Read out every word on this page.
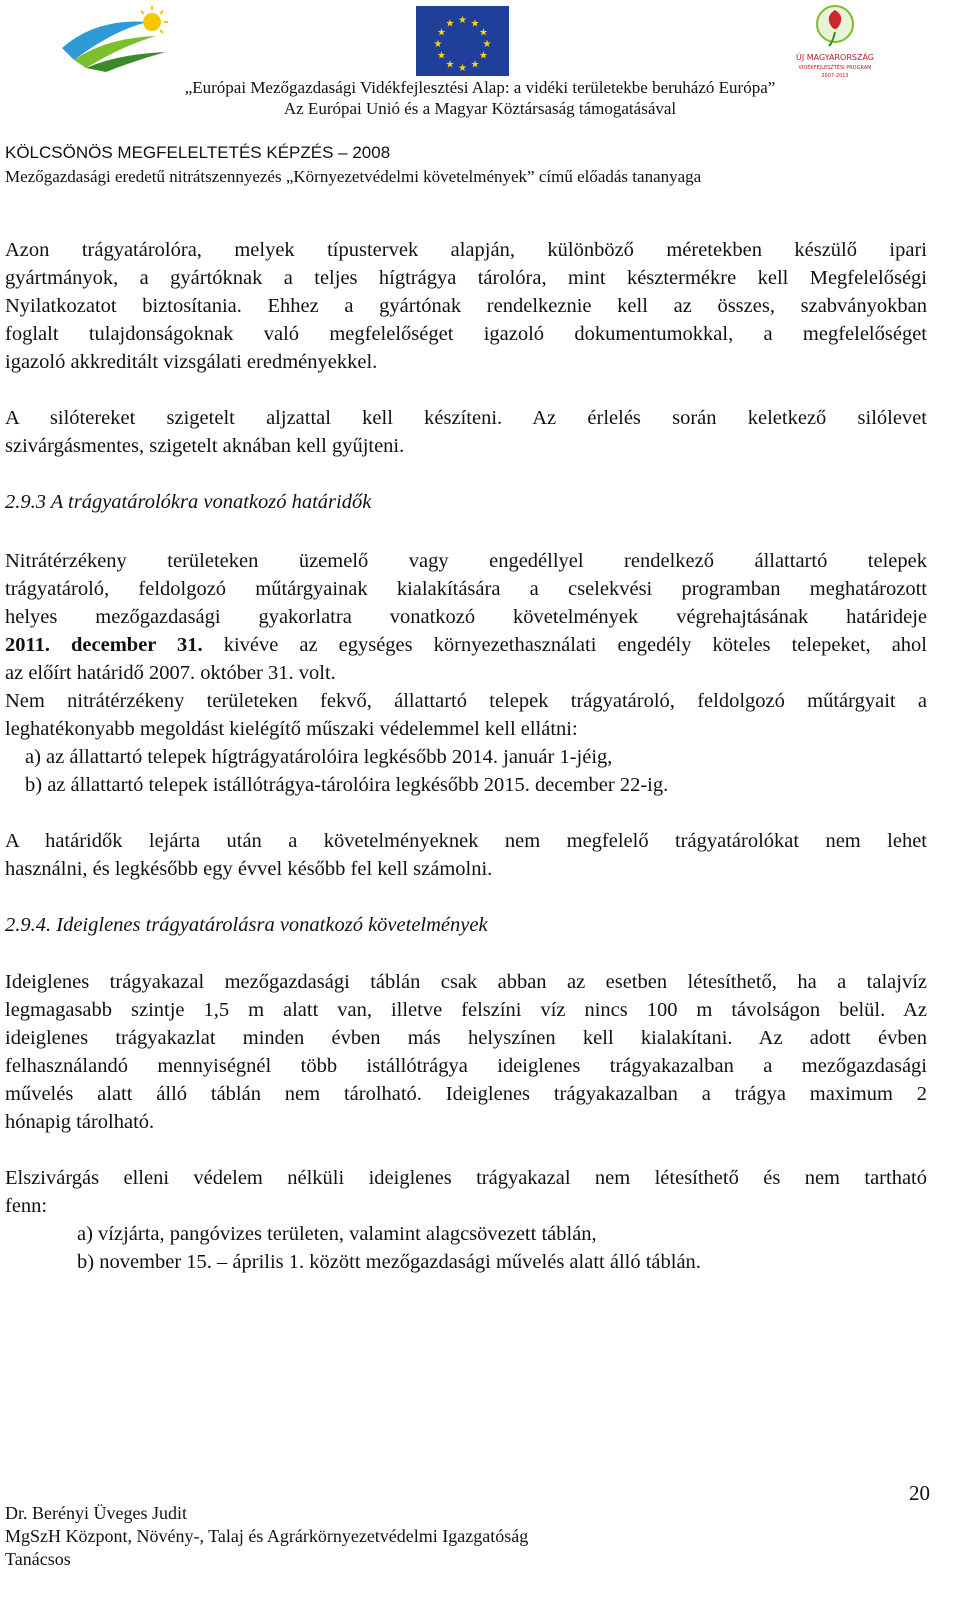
★ ★
★
★
★
★
★
★
★
★
★
★
ÚJ MAGYARORSZÁG
VIDÉKFEJLESZTÉSI PROGRAM
2007-2013
„Európai Mezőgazdasági Vidékfejlesztési Alap: a vidéki területekbe beruházó Európa”
Az Európai Unió és a Magyar Köztársaság támogatásával
KÖLCSÖNÖS MEGFELELTETÉS KÉPZÉS – 2008
Mezőgazdasági eredetű nitrátszennyezés „Környezetvédelmi követelmények” című előadás tananyaga
Azon trágyatárolóra, melyek típustervek alapján, különböző méretekben készülő ipari
gyártmányok, a gyártóknak a teljes hígtrágya tárolóra, mint késztermékre kell Megfelelőségi
Nyilatkozatot biztosítania. Ehhez a gyártónak rendelkeznie kell az összes, szabványokban
foglalt tulajdonságoknak való megfelelőséget igazoló dokumentumokkal, a megfelelőséget
igazoló akkreditált vizsgálati eredményekkel.
A silótereket szigetelt aljzattal kell készíteni. Az érlelés során keletkező silólevet
szivárgásmentes, szigetelt aknában kell gyűjteni.
2.9.3 A trágyatárolókra vonatkozó határidők
Nitrátérzékeny területeken üzemelő vagy engedéllyel rendelkező állattartó telepek
trágyatároló, feldolgozó műtárgyainak kialakítására a cselekvési programban meghatározott
helyes mezőgazdasági gyakorlatra vonatkozó követelmények végrehajtásának határideje
2011. december 31. kivéve az egységes környezethasználati engedély köteles telepeket, ahol
az előírt határidő 2007. október 31. volt.
Nem nitrátérzékeny területeken fekvő, állattartó telepek trágyatároló, feldolgozó műtárgyait a
leghatékonyabb megoldást kielégítő műszaki védelemmel kell ellátni:
a) az állattartó telepek hígtrágyatárolóira legkésőbb 2014. január 1-jéig,
b) az állattartó telepek istállótrágya-tárolóira legkésőbb 2015. december 22-ig.
A határidők lejárta után a követelményeknek nem megfelelő trágyatárolókat nem lehet
használni, és legkésőbb egy évvel később fel kell számolni.
2.9.4. Ideiglenes trágyatárolásra vonatkozó követelmények
Ideiglenes trágyakazal mezőgazdasági táblán csak abban az esetben létesíthető, ha a talajvíz
legmagasabb szintje 1,5 m alatt van, illetve felszíni víz nincs 100 m távolságon belül. Az
ideiglenes trágyakazlat minden évben más helyszínen kell kialakítani. Az adott évben
felhasználandó mennyiségnél több istállótrágya ideiglenes trágyakazalban a mezőgazdasági
művelés alatt álló táblán nem tárolható. Ideiglenes trágyakazalban a trágya maximum 2
hónapig tárolható.
Elszivárgás elleni védelem nélküli ideiglenes trágyakazal nem létesíthető és nem tartható
fenn:
a) vízjárta, pangóvizes területen, valamint alagcsövezett táblán,
b) november 15. – április 1. között mezőgazdasági művelés alatt álló táblán.
20
Dr. Berényi Üveges Judit
MgSzH Központ, Növény-, Talaj és Agrárkörnyezetvédelmi Igazgatóság
Tanácsos
